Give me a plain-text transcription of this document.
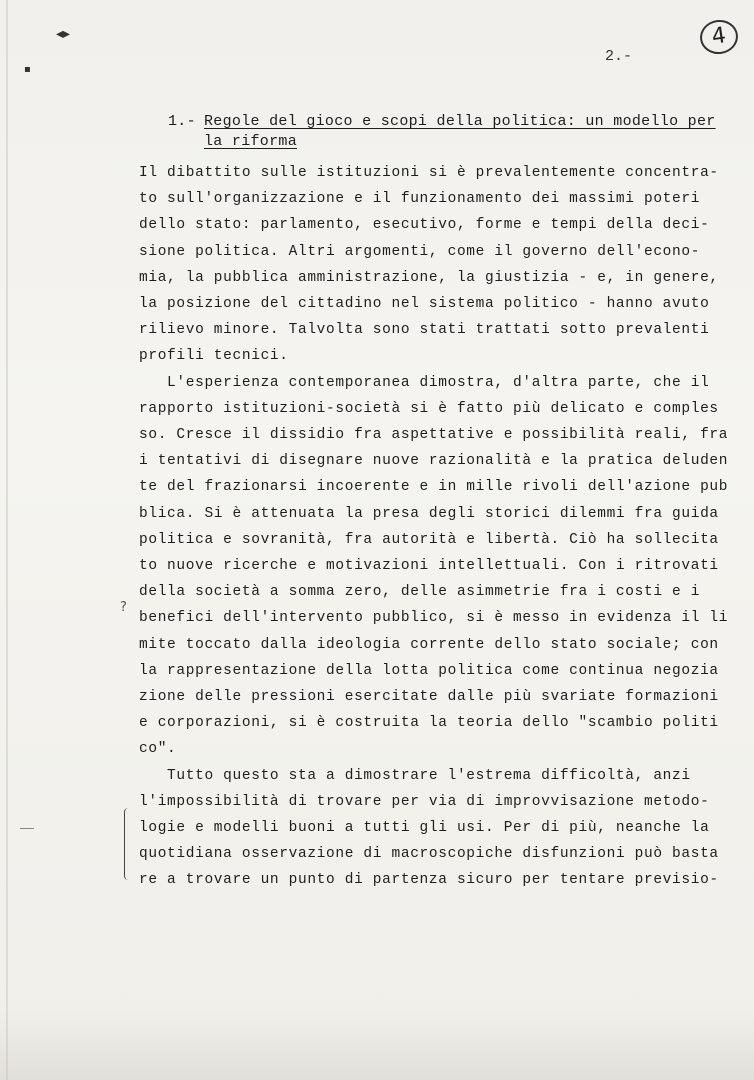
◂▸
▪
4
2.-
1.- Regole del gioco e scopi della politica: un modello per
la riforma
Il dibattito sulle istituzioni si è prevalentemente concentra-
to sull'organizzazione e il funzionamento dei massimi poteri
dello stato: parlamento, esecutivo, forme e tempi della deci-
sione politica. Altri argomenti, come il governo dell'econo-
mia, la pubblica amministrazione, la giustizia - e, in genere,
la posizione del cittadino nel sistema politico - hanno avuto
rilievo minore. Talvolta sono stati trattati sotto prevalenti
profili tecnici.
L'esperienza contemporanea dimostra, d'altra parte, che il
rapporto istituzioni-società si è fatto più delicato e comples
so. Cresce il dissidio fra aspettative e possibilità reali, fra
i tentativi di disegnare nuove razionalità e la pratica deluden
te del frazionarsi incoerente e in mille rivoli dell'azione pub
blica. Si è attenuata la presa degli storici dilemmi fra guida
politica e sovranità, fra autorità e libertà. Ciò ha sollecita
to nuove ricerche e motivazioni intellettuali. Con i ritrovati
della società a somma zero, delle asimmetrie fra i costi e i
benefici dell'intervento pubblico, si è messo in evidenza il li
mite toccato dalla ideologia corrente dello stato sociale; con
la rappresentazione della lotta politica come continua negozia
zione delle pressioni esercitate dalle più svariate formazioni
e corporazioni, si è costruita la teoria dello "scambio politi
co".
Tutto questo sta a dimostrare l'estrema difficoltà, anzi
l'impossibilità di trovare per via di improvvisazione metodo-
logie e modelli buoni a tutti gli usi. Per di più, neanche la
quotidiana osservazione di macroscopiche disfunzioni può basta
re a trovare un punto di partenza sicuro per tentare previsio-
?
